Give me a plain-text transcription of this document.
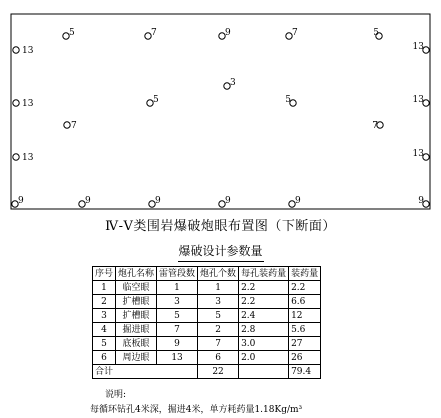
13
5	7	9	7	5
13
3
13	5	5	13
7	7
13	13
9	9	9	9	9	9
Ⅳ-Ⅴ类围岩爆破炮眼布置图（下断面）
爆破设计参数量
序号	炮孔名称	雷管段数	炮孔个数	每孔装药量	装药量
1	临空眼	1	1	2.2	2.2
2	扩槽眼	3	3	2.2	6.6
3	扩槽眼	5	5	2.4	12
4	掘进眼	7	2	2.8	5.6
5	底板眼	9	7	3.0	27
6	周边眼	13	6	2.0	26
合计			22		79.4
说明:
每循环钻孔4米深，掘进4米，单方耗药量1.18Kg/m³
